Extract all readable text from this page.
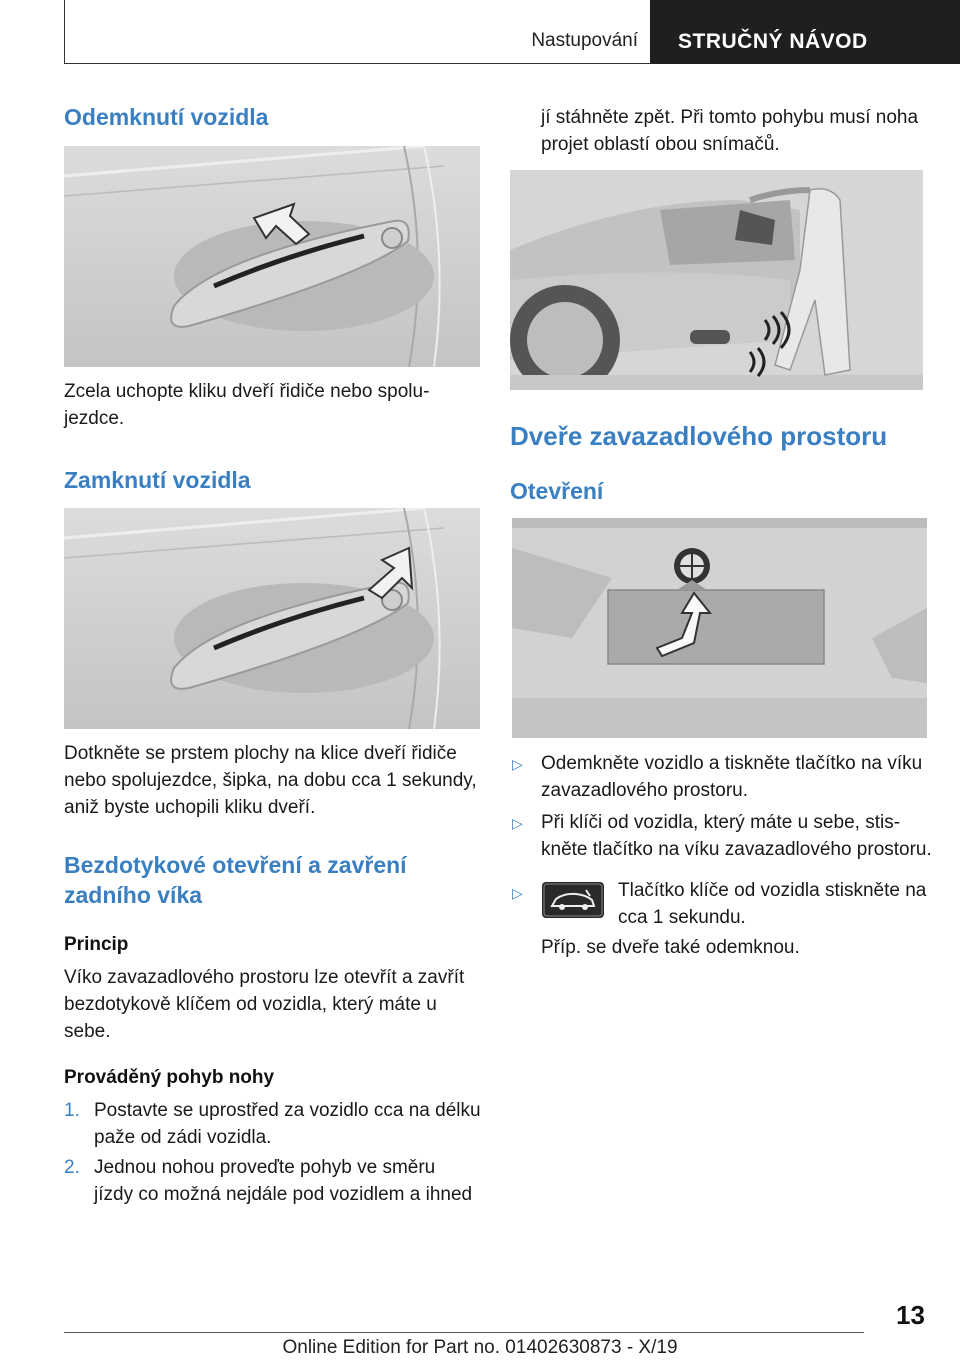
Nastupování STRUČNÝ NÁVOD
Odemknutí vozidla
Zcela uchopte kliku dveří řidiče nebo spolu‐
jezdce.
Zamknutí vozidla
Dotkněte se prstem plochy na klice dveří řidiče
nebo spolujezdce, šipka, na dobu cca 1 sekundy,
aniž byste uchopili kliku dveří.
Bezdotykové otevření a zavření
zadního víka
Princip
Víko zavazadlového prostoru lze otevřít a zavřít
bezdotykově klíčem od vozidla, který máte u
sebe.
Prováděný pohyb nohy
1. Postavte se uprostřed za vozidlo cca na délku
paže od zádi vozidla.
2. Jednou nohou proveďte pohyb ve směru
jízdy co možná nejdále pod vozidlem a ihned
jí stáhněte zpět. Při tomto pohybu musí noha
projet oblastí obou snímačů.
Dveře zavazadlového prostoru
Otevření
▷ Odemkněte vozidlo a tiskněte tlačítko na víku
zavazadlového prostoru.
▷ Při klíči od vozidla, který máte u sebe, stis‐
kněte tlačítko na víku zavazadlového prostoru.
▷	Tlačítko klíče od vozidla stiskněte na
cca 1 sekundu.
Příp. se dveře také odemknou.
13
Online Edition for Part no. 01402630873 - X/19
